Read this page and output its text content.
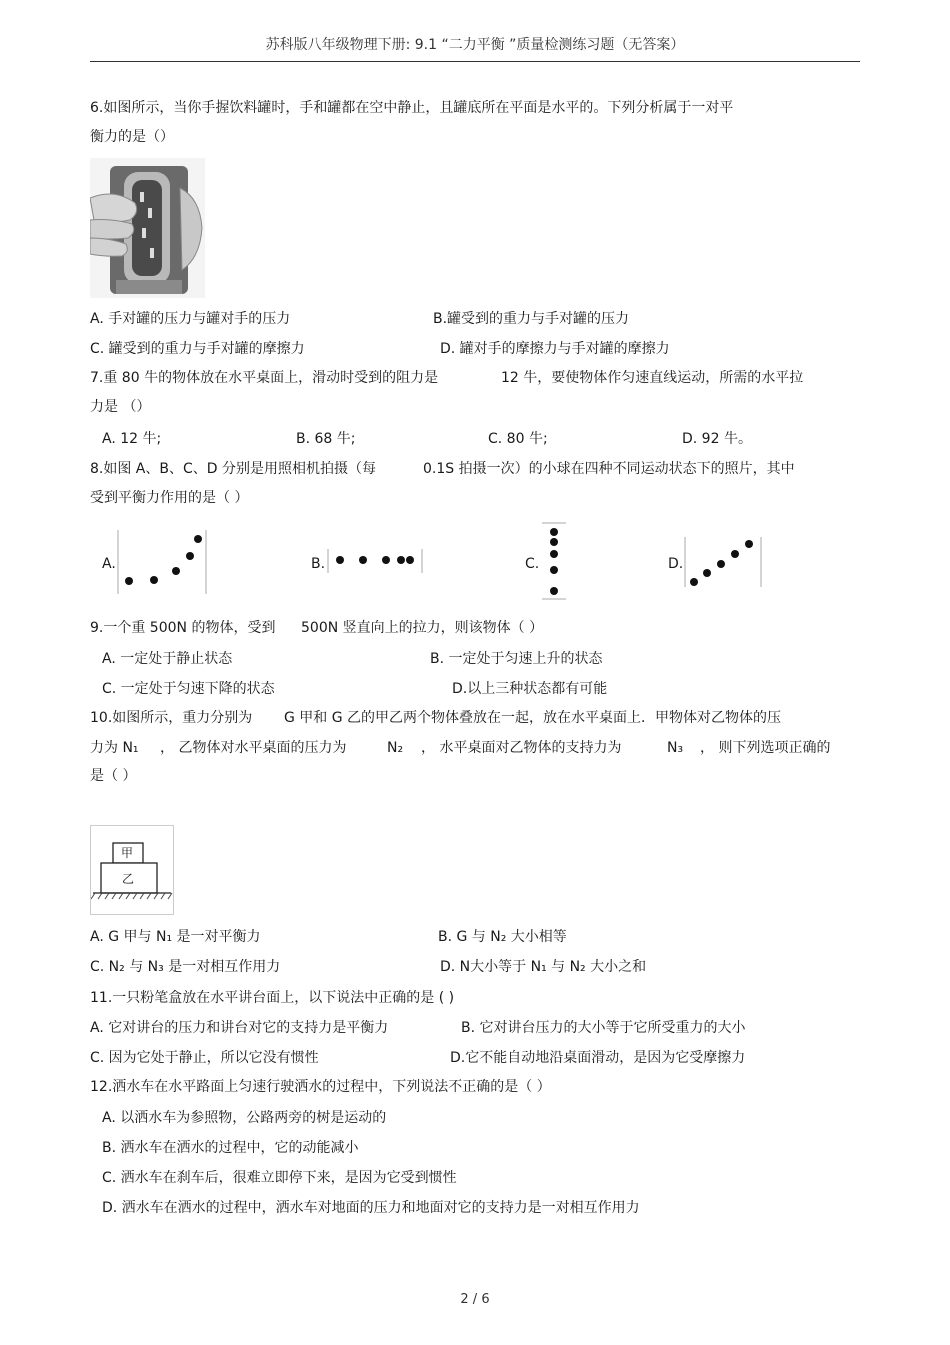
苏科版八年级物理下册: 9.1 “二力平衡 ”质量检测练习题（无答案）
6.如图所示，当你手握饮料罐时，手和罐都在空中静止，且罐底所在平面是水平的。下列分析属于一对平
衡力的是（）
A. 手对罐的压力与罐对手的压力	B.罐受到的重力与手对罐的压力
C. 罐受到的重力与手对罐的摩擦力	D. 罐对手的摩擦力与手对罐的摩擦力
7.重 80 牛的物体放在水平桌面上，滑动时受到的阻力是	12 牛，要使物体作匀速直线运动，所需的水平拉
力是 （）
A. 12 牛;	B. 68 牛;	C. 80 牛;	D. 92 牛。
8.如图 A、B、C、D 分别是用照相机拍摄（每	0.1S 拍摄一次）的小球在四种不同运动状态下的照片，其中
受到平衡力作用的是（ ）
A.	B.	C.	D.
9.一个重 500N 的物体，受到 500N 竖直向上的拉力，则该物体（ ）
A. 一定处于静止状态	B. 一定处于匀速上升的状态
C. 一定处于匀速下降的状态	D.以上三种状态都有可能
10.如图所示，重力分别为 G 甲和 G 乙的甲乙两个物体叠放在一起，放在水平桌面上．甲物体对乙物体的压
力为 N₁ ， 乙物体对水平桌面的压力为	N₂ ， 水平桌面对乙物体的支持力为	N₃ ， 则下列选项正确的
是（ ）
甲
乙
A. G 甲与 N₁ 是一对平衡力	B. G 与 N₂ 大小相等
C. N₂ 与 N₃ 是一对相互作用力	D. N大小等于 N₁ 与 N₂ 大小之和
11.一只粉笔盒放在水平讲台面上，以下说法中正确的是 ( )
A. 它对讲台的压力和讲台对它的支持力是平衡力	B. 它对讲台压力的大小等于它所受重力的大小
C. 因为它处于静止，所以它没有惯性	D.它不能自动地沿桌面滑动，是因为它受摩擦力
12.洒水车在水平路面上匀速行驶洒水的过程中，下列说法不正确的是（ ）
A. 以洒水车为参照物，公路两旁的树是运动的
B. 洒水车在洒水的过程中，它的动能减小
C. 洒水车在刹车后，很难立即停下来，是因为它受到惯性
D. 洒水车在洒水的过程中，洒水车对地面的压力和地面对它的支持力是一对相互作用力
2 / 6
